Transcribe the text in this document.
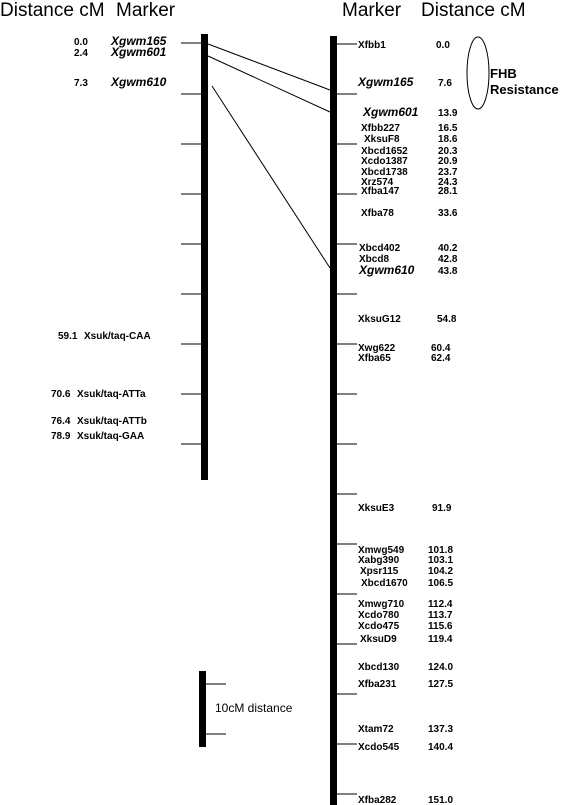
Distance cM Marker	Marker Distance cM
0.0 Xgwm165
2.4 Xgwm601
7.3 Xgwm610
59.1 Xsuk/taq-CAA
70.6 Xsuk/taq-ATTa
76.4 Xsuk/taq-ATTb
78.9 Xsuk/taq-GAA
Xfbb1	0.0
Xgwm165 7.6
Xgwm601 13.9
Xfbb227	16.5
XksuF8	18.6
Xbcd1652	20.3
Xcdo1387	20.9
Xbcd1738	23.7
Xrz574	24.3
Xfba147	28.1
Xfba78	33.6
Xbcd402	40.2
Xbcd8	42.8
Xgwm610 43.8
XksuG12	54.8
Xwg622	60.4
Xfba65	62.4
XksuE3	91.9
Xmwg549 101.8
Xabg390	103.1
Xpsr115	104.2
Xbcd1670 106.5
Xmwg710 112.4
Xcdo780	113.7
Xcdo475	115.6
XksuD9	119.4
Xbcd130	124.0
Xfba231	127.5
Xtam72	137.3
Xcdo545	140.4
Xfba282	151.0
FHB
Resistance
10cM distance
